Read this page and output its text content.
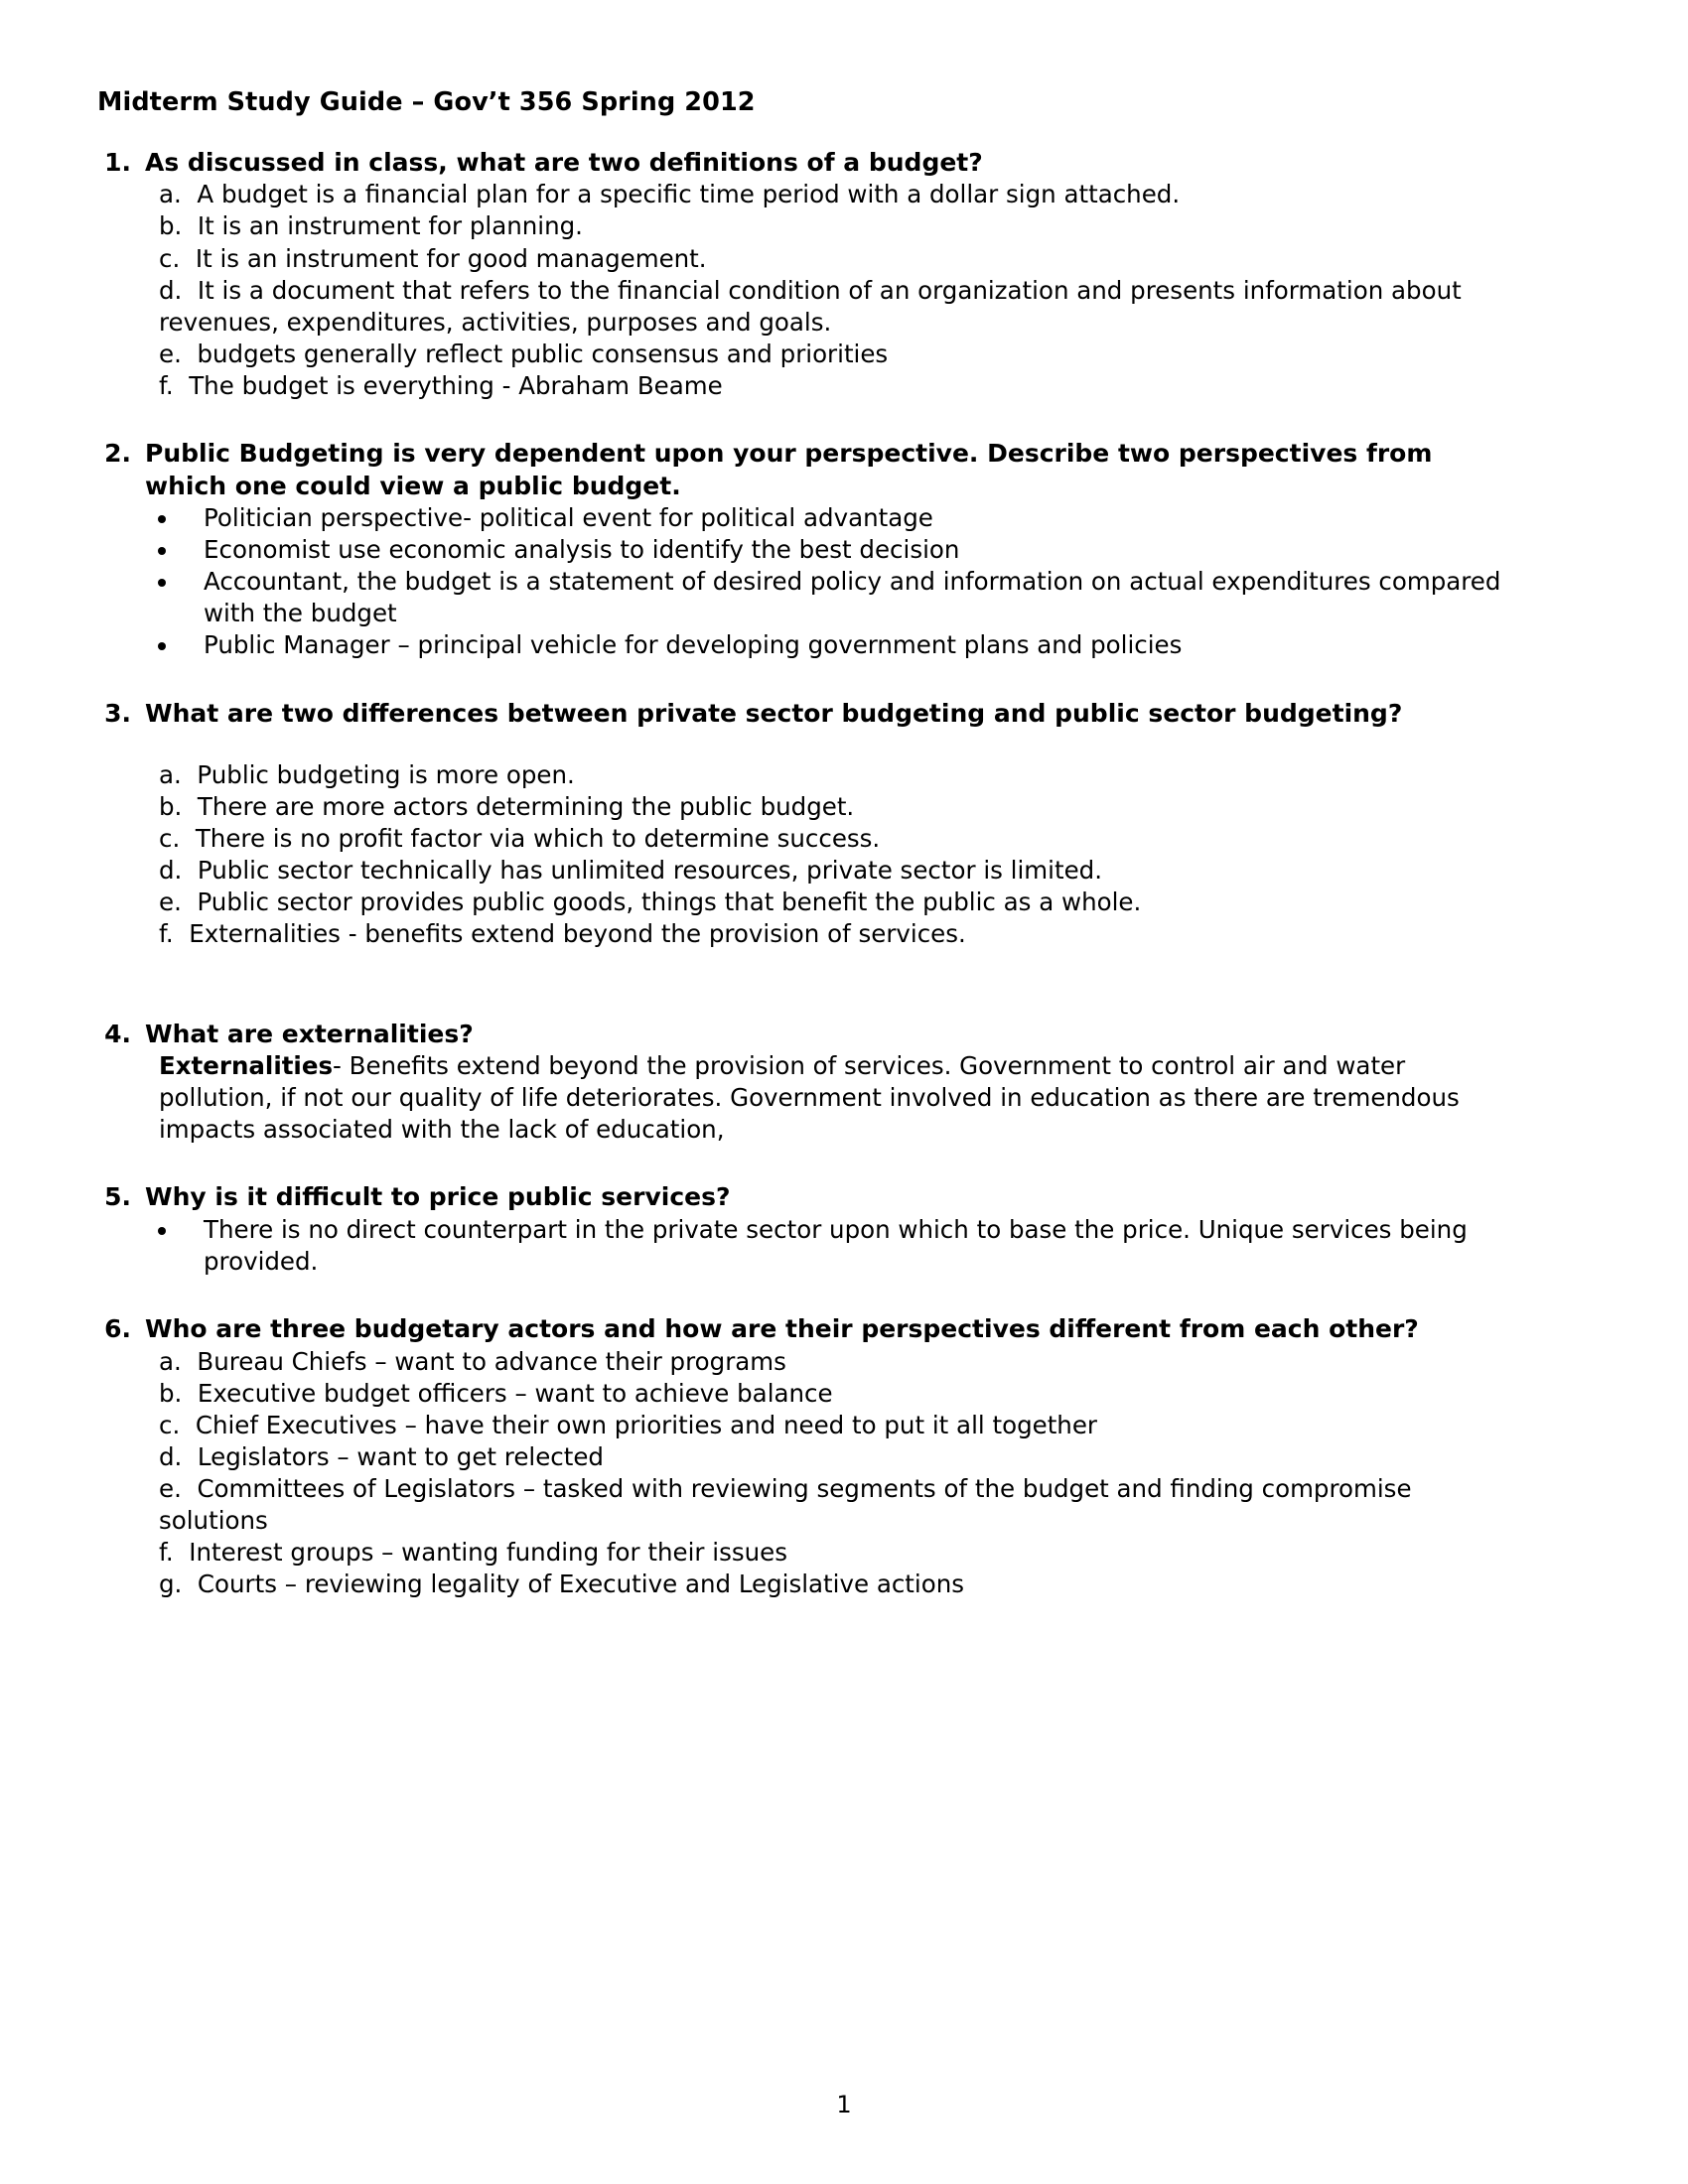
Midterm Study Guide – Gov’t 356 Spring 2012
1. As discussed in class, what are two definitions of a budget?

a. A budget is a financial plan for a specific time period with a dollar sign attached.

b. It is an instrument for planning.

c. It is an instrument for good management.

d. It is a document that refers to the financial condition of an organization and presents information about revenues, expenditures, activities, purposes and goals.

e. budgets generally reflect public consensus and priorities

f. The budget is everything - Abraham Beame

2. Public Budgeting is very dependent upon your perspective. Describe two perspectives from which one could view a public budget.
Politician perspective- political event for political advantage
Economist use economic analysis to identify the best decision
Accountant, the budget is a statement of desired policy and information on actual expenditures compared with the budget
Public Manager – principal vehicle for developing government plans and policies
3. What are two differences between private sector budgeting and public sector budgeting?

a. Public budgeting is more open.

b. There are more actors determining the public budget.

c. There is no profit factor via which to determine success.

d. Public sector technically has unlimited resources, private sector is limited.

e. Public sector provides public goods, things that benefit the public as a whole.

f. Externalities - benefits extend beyond the provision of services.

4. What are externalities?

Externalities- Benefits extend beyond the provision of services. Government to control air and water pollution, if not our quality of life deteriorates. Government involved in education as there are tremendous impacts associated with the lack of education,

5. Why is it difficult to price public services?
There is no direct counterpart in the private sector upon which to base the price. Unique services being provided.
6. Who are three budgetary actors and how are their perspectives different from each other?

a. Bureau Chiefs – want to advance their programs

b. Executive budget officers – want to achieve balance

c. Chief Executives – have their own priorities and need to put it all together

d. Legislators – want to get relected

e. Committees of Legislators – tasked with reviewing segments of the budget and finding compromise solutions

f. Interest groups – wanting funding for their issues

g. Courts – reviewing legality of Executive and Legislative actions

1
